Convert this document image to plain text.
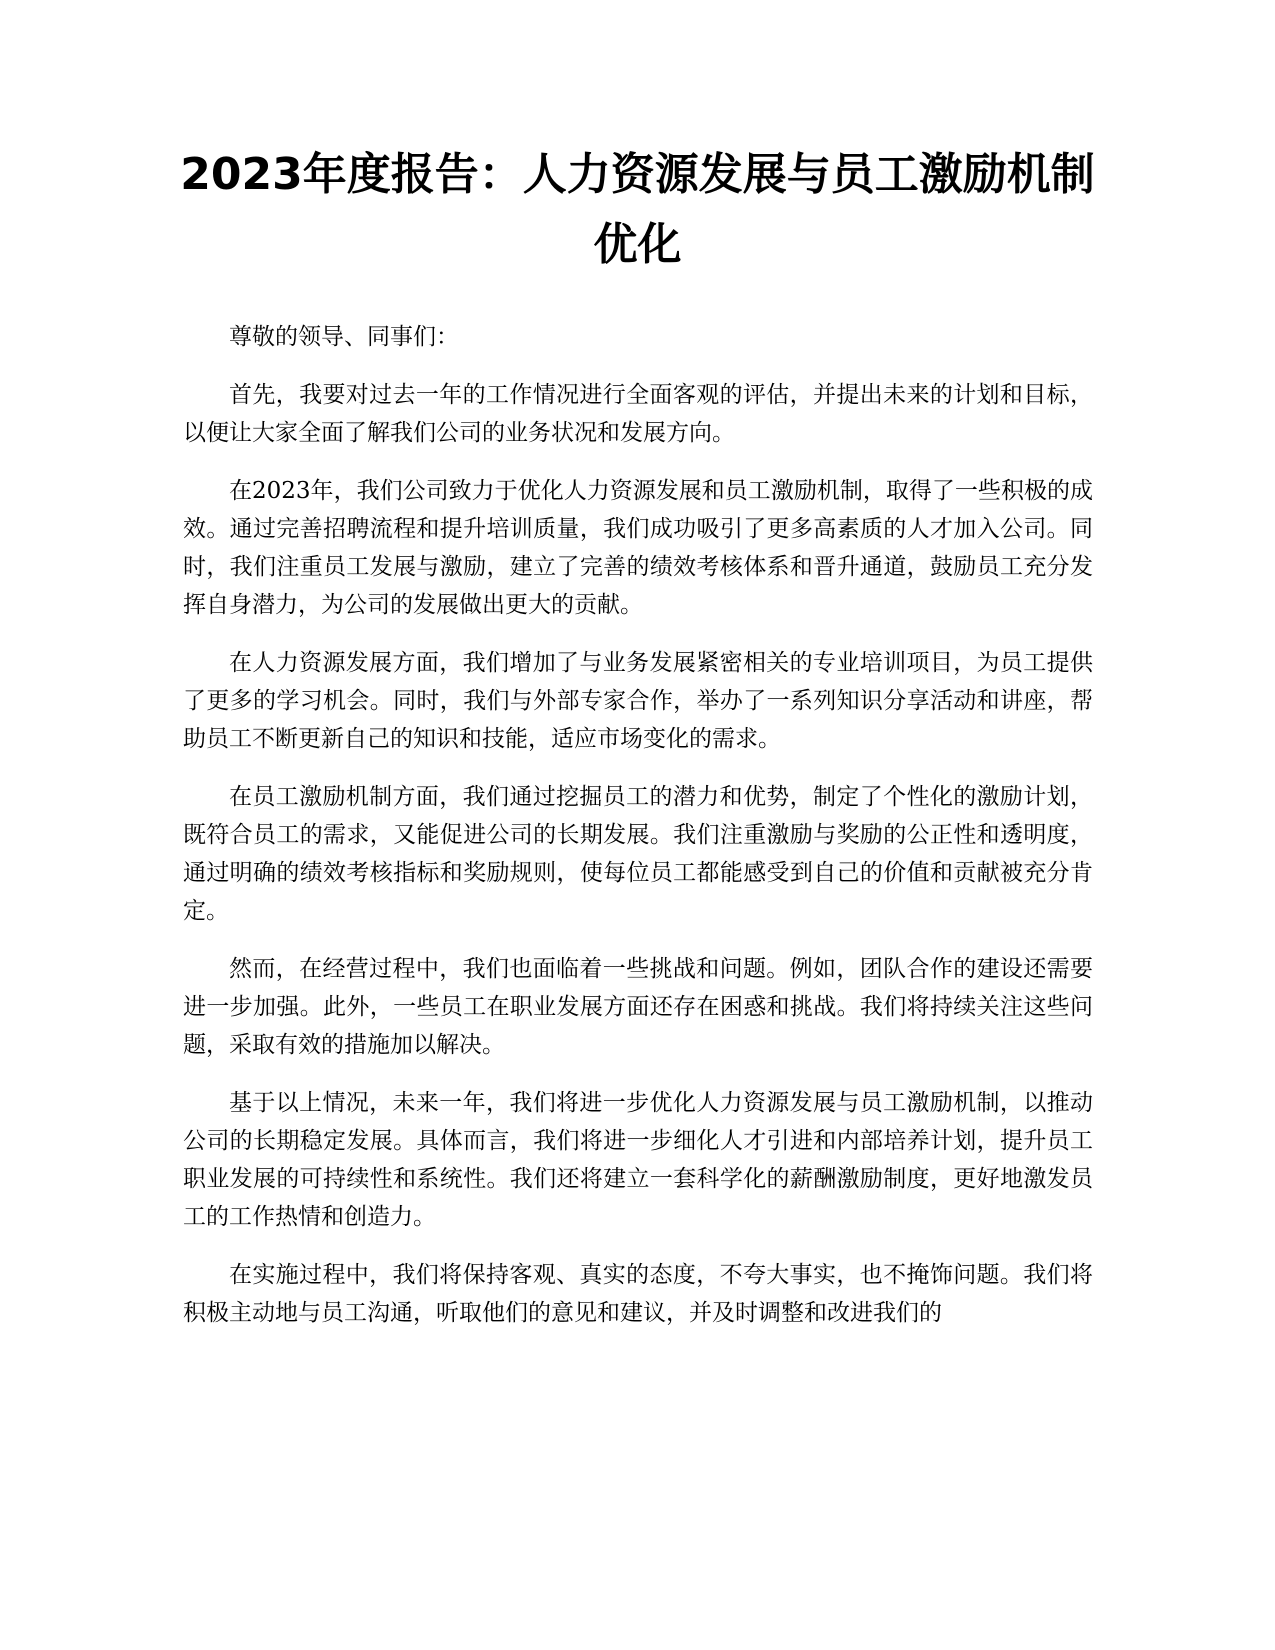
2023年度报告：人力资源发展与员工激励机制优化

尊敬的领导、同事们：

首先，我要对过去一年的工作情况进行全面客观的评估，并提出未来的计划和目标，以便让大家全面了解我们公司的业务状况和发展方向。

在2023年，我们公司致力于优化人力资源发展和员工激励机制，取得了一些积极的成效。通过完善招聘流程和提升培训质量，我们成功吸引了更多高素质的人才加入公司。同时，我们注重员工发展与激励，建立了完善的绩效考核体系和晋升通道，鼓励员工充分发挥自身潜力，为公司的发展做出更大的贡献。

在人力资源发展方面，我们增加了与业务发展紧密相关的专业培训项目，为员工提供了更多的学习机会。同时，我们与外部专家合作，举办了一系列知识分享活动和讲座，帮助员工不断更新自己的知识和技能，适应市场变化的需求。

在员工激励机制方面，我们通过挖掘员工的潜力和优势，制定了个性化的激励计划，既符合员工的需求，又能促进公司的长期发展。我们注重激励与奖励的公正性和透明度，通过明确的绩效考核指标和奖励规则，使每位员工都能感受到自己的价值和贡献被充分肯定。

然而，在经营过程中，我们也面临着一些挑战和问题。例如，团队合作的建设还需要进一步加强。此外，一些员工在职业发展方面还存在困惑和挑战。我们将持续关注这些问题，采取有效的措施加以解决。

基于以上情况，未来一年，我们将进一步优化人力资源发展与员工激励机制，以推动公司的长期稳定发展。具体而言，我们将进一步细化人才引进和内部培养计划，提升员工职业发展的可持续性和系统性。我们还将建立一套科学化的薪酬激励制度，更好地激发员工的工作热情和创造力。

在实施过程中，我们将保持客观、真实的态度，不夸大事实，也不掩饰问题。我们将积极主动地与员工沟通，听取他们的意见和建议，并及时调整和改进我们的
